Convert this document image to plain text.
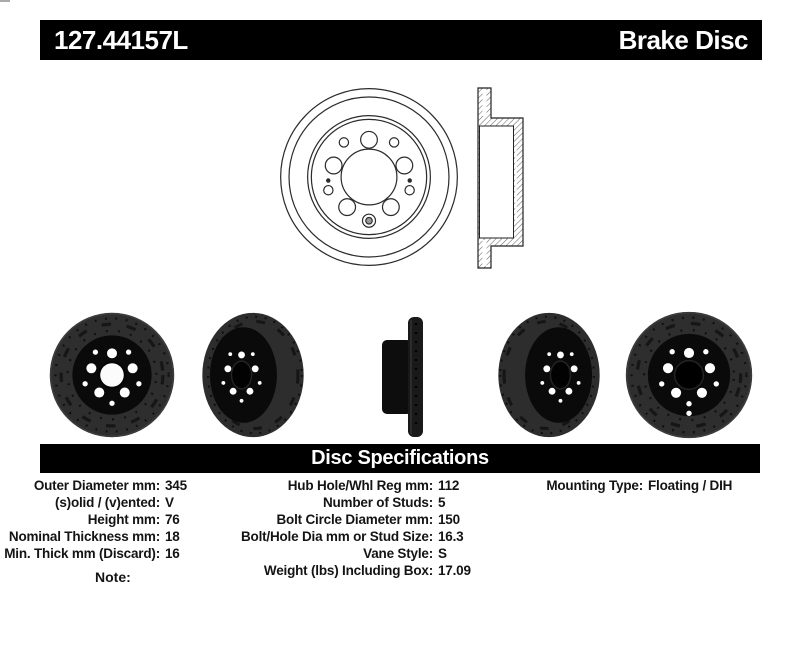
127.44157L	Brake Disc
Disc Specifications
Outer Diameter mm: 345
(s)olid / (v)ented: V
Height mm: 76
Nominal Thickness mm: 18
Min. Thick mm (Discard): 16
Hub Hole/Whl Reg mm: 112
Number of Studs: 5
Bolt Circle Diameter mm: 150
Bolt/Hole Dia mm or Stud Size: 16.3
Vane Style: S
Weight (lbs) Including Box: 17.09
Mounting Type: Floating / DIH
Note:
